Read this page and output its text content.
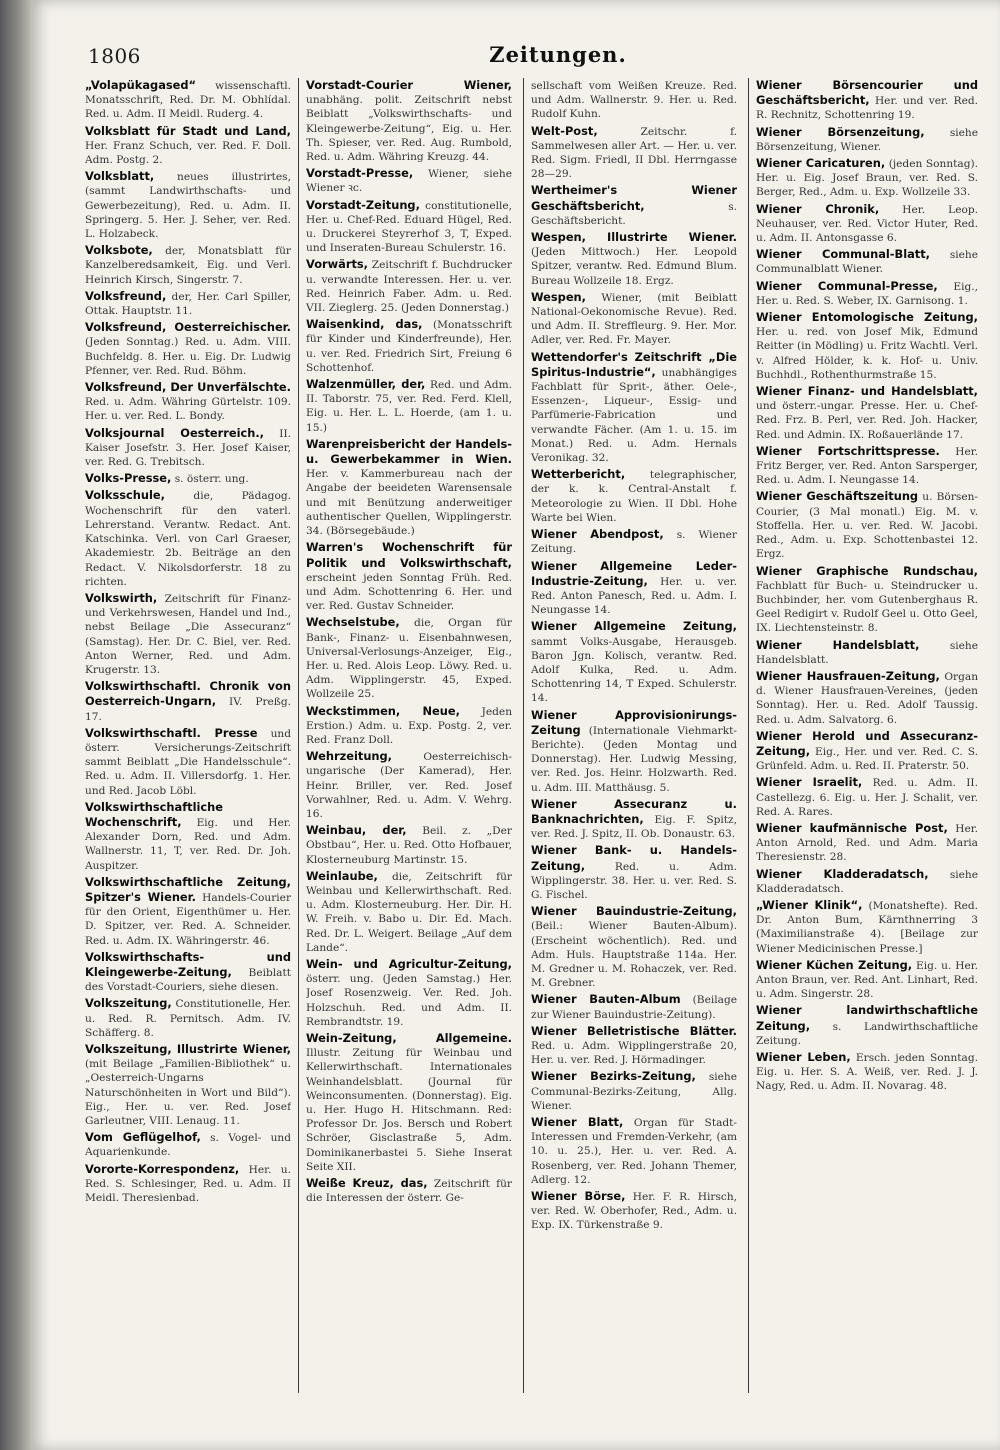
1806	Zeitungen.
„Volapükagased“ wissenschaftl. Monatsschrift, Red. Dr. M. Obhlídal. Red. u. Adm. II Meidl. Ruderg. 4.
Volksblatt für Stadt und Land, Her. Franz Schuch, ver. Red. F. Doll. Adm. Postg. 2.
Volksblatt, neues illustrirtes, (sammt Landwirthschafts- und Gewerbezeitung), Red. u. Adm. II. Springerg. 5. Her. J. Seher, ver. Red. L. Holzabeck.
Volksbote, der, Monatsblatt für Kanzelberedsamkeit, Eig. und Verl. Heinrich Kirsch, Singerstr. 7.
Volksfreund, der, Her. Carl Spiller, Ottak. Hauptstr. 11.
Volksfreund, Oesterreichischer. (Jeden Sonntag.) Red. u. Adm. VIII. Buchfeldg. 8. Her. u. Eig. Dr. Ludwig Pfenner, ver. Red. Rud. Böhm.
Volksfreund, Der Unverfälschte. Red. u. Adm. Währing Gürtelstr. 109. Her. u. ver. Red. L. Bondy.
Volksjournal Oesterreich., II. Kaiser Josefstr. 3. Her. Josef Kaiser, ver. Red. G. Trebitsch.
Volks-Presse, s. österr. ung.
Volksschule,	die, Pädagog. Wochenschrift für den vaterl. Lehrerstand. Verantw. Redact. Ant. Katschinka. Verl. von Carl Graeser, Akademiestr. 2b. Beiträge an den Redact. V. Nikolsdorferstr. 18 zu richten.
Volkswirth, Zeitschrift für Finanz- und Verkehrswesen, Handel und Ind., nebst Beilage „Die Assecuranz“ (Samstag). Her. Dr. C. Biel, ver. Red. Anton Werner, Red. und Adm. Krugerstr. 13.
Volkswirthschaftl. Chronik von Oesterreich-Ungarn, IV. Preßg. 17.
Volkswirthschaftl. Presse und österr. Versicherungs-Zeitschrift sammt Beiblatt „Die Handelsschule“. Red. u. Adm. II. Villersdorfg. 1. Her. und Red. Jacob Löbl.
Volkswirthschaftliche Wochenschrift, Eig. und Her. Alexander Dorn, Red. und Adm. Wallnerstr. 11, T, ver. Red. Dr. Joh. Auspitzer.
Volkswirthschaftliche Zeitung, Spitzer's Wiener. Handels-Courier für den Orient, Eigenthümer u. Her. D. Spitzer, ver. Red. A. Schneider. Red. u. Adm. IX. Währingerstr. 46.
Volkswirthschafts- und Kleingewerbe-Zeitung, Beiblatt des Vorstadt-Couriers, siehe diesen.
Volkszeitung, Constitutionelle, Her. u. Red. R. Pernitsch. Adm. IV. Schäfferg. 8.
Volkszeitung, Illustrirte Wiener, (mit Beilage „Familien-Bibliothek“ u. „Oesterreich-Ungarns Naturschönheiten in Wort und Bild“). Eig., Her. u. ver. Red. Josef Garleutner, VIII. Lenaug. 11.
Vom Geflügelhof, s. Vogel- und Aquarienkunde.
Vororte-Korrespondenz, Her. u. Red. S. Schlesinger, Red. u. Adm. II Meidl. Theresienbad.
Vorstadt-Courier Wiener, unabhäng. polit. Zeitschrift nebst Beiblatt „Volkswirthschafts- und Kleingewerbe-Zeitung“, Eig. u. Her. Th. Spieser, ver. Red. Aug. Rumbold, Red. u. Adm. Währing Kreuzg. 44.
Vorstadt-Presse, Wiener, siehe Wiener ꝛc.
Vorstadt-Zeitung, constitutionelle, Her. u. Chef-Red. Eduard Hügel, Red. u. Druckerei Steyrerhof 3, T, Exped. und Inseraten-Bureau Schulerstr. 16.
Vorwärts, Zeitschrift f. Buchdrucker u. verwandte Interessen. Her. u. ver. Red. Heinrich Faber. Adm. u. Red. VII. Zieglerg. 25. (Jeden Donnerstag.)
Waisenkind, das, (Monatsschrift für Kinder und Kinderfreunde), Her. u. ver. Red. Friedrich Sirt, Freiung 6 Schottenhof.
Walzenmüller, der, Red. und Adm. II. Taborstr. 75, ver. Red. Ferd. Klell, Eig. u. Her. L. L. Hoerde, (am 1. u. 15.)
Warenpreisbericht der Handels- u. Gewerbekammer in Wien. Her. v. Kammerbureau nach der Angabe der beeideten Warensensale und mit Benützung anderweitiger authentischer Quellen, Wipplingerstr. 34. (Börsegebäude.)
Warren's Wochenschrift für Politik und Volkswirthschaft, erscheint jeden Sonntag Früh. Red. und Adm. Schottenring 6. Her. und ver. Red. Gustav Schneider.
Wechselstube, die, Organ für Bank-, Finanz- u. Eisenbahnwesen, Universal-Verlosungs-Anzeiger, Eig., Her. u. Red. Alois Leop. Löwy. Red. u. Adm. Wipplingerstr. 45, Exped. Wollzeile 25.
Weckstimmen, Neue, Jeden Erstion.) Adm. u. Exp. Postg. 2, ver. Red. Franz Doll.
Wehrzeitung,	Oesterreichisch-ungarische (Der Kamerad), Her. Heinr. Briller, ver. Red. Josef Vorwahlner, Red. u. Adm. V. Wehrg. 16.
Weinbau, der, Beil. z. „Der Obstbau“, Her. u. Red. Otto Hofbauer, Klosterneuburg Martinstr. 15.
Weinlaube, die, Zeitschrift für Weinbau und Kellerwirthschaft. Red. u. Adm. Klosterneuburg. Her. Dir. H. W. Freih. v. Babo u. Dir. Ed. Mach. Red. Dr. L. Weigert. Beilage „Auf dem Lande“.
Wein- und Agricultur-Zeitung, österr. ung. (Jeden Samstag.) Her. Josef Rosenzweig. Ver. Red. Joh. Holzschuh. Red. und Adm. II. Rembrandtstr. 19.
Wein-Zeitung, Allgemeine. Illustr. Zeitung für Weinbau und Kellerwirthschaft. Internationales Weinhandelsblatt. (Journal für Weinconsumenten. (Donnerstag). Eig. u. Her. Hugo H. Hitschmann. Red: Professor Dr. Jos. Bersch und Robert Schröer, Gisclastraße 5, Adm. Dominikanerbastei 5. Siehe Inserat Seite XII.
Weiße Kreuz, das, Zeitschrift für die Interessen der österr. Ge-
sellschaft vom Weißen Kreuze. Red. und Adm. Wallnerstr. 9. Her. u. Red. Rudolf Kuhn.
Welt-Post,	Zeitschr. f. Sammelwesen aller Art. — Her. u. ver. Red. Sigm. Friedl, II Dbl. Herrngasse 28—29.
Wertheimer's Wiener Geschäftsbericht,	s. Geschäftsbericht.
Wespen, Illustrirte Wiener. (Jeden Mittwoch.) Her. Leopold Spitzer, verantw. Red. Edmund Blum. Bureau Wollzeile 18. Ergz.
Wespen, Wiener, (mit Beiblatt National-Oekonomische Revue). Red. und Adm. II. Streffleurg. 9. Her. Mor. Adler, ver. Red. Fr. Mayer.
Wettendorfer's Zeitschrift „Die Spiritus-Industrie“, unabhängiges Fachblatt für Sprit-, äther. Oele-, Essenzen-, Liqueur-, Essig- und Parfümerie-Fabrication und verwandte Fächer. (Am 1. u. 15. im Monat.) Red. u. Adm. Hernals Veronikag. 32.
Wetterbericht, telegraphischer, der k. k. Central-Anstalt f. Meteorologie zu Wien. II Dbl. Hohe Warte bei Wien.
Wiener Abendpost, s. Wiener Zeitung.
Wiener Allgemeine Leder-Industrie-Zeitung, Her. u. ver. Red. Anton Panesch, Red. u. Adm. I. Neungasse 14.
Wiener Allgemeine Zeitung, sammt Volks-Ausgabe, Herausgeb. Baron Jgn. Kolisch, verantw. Red. Adolf Kulka, Red. u. Adm. Schottenring 14, T Exped. Schulerstr. 14.
Wiener Approvisionirungs-Zeitung (Internationale Viehmarkt-Berichte). (Jeden Montag und Donnerstag). Her. Ludwig Messing, ver. Red. Jos. Heinr. Holzwarth. Red. u. Adm. III. Matthäusg. 5.
Wiener Assecuranz u. Banknachrichten, Eig. F. Spitz, ver. Red. J. Spitz, II. Ob. Donaustr. 63.
Wiener Bank- u. Handels-Zeitung,	Red. u. Adm. Wipplingerstr. 38. Her. u. ver. Red. S. G. Fischel.
Wiener Bauindustrie-Zeitung, (Beil.: Wiener Bauten-Album). (Erscheint wöchentlich). Red. und Adm. Huls. Hauptstraße 114a. Her. M. Gredner u. M. Rohaczek, ver. Red. M. Grebner.
Wiener Bauten-Album (Beilage zur Wiener Bauindustrie-Zeitung).
Wiener Belletristische Blätter. Red. u. Adm. Wipplingerstraße 20, Her. u. ver. Red. J. Hörmadinger.
Wiener Bezirks-Zeitung, siehe Communal-Bezirks-Zeitung, Allg. Wiener.
Wiener Blatt, Organ für Stadt-Interessen und Fremden-Verkehr, (am 10. u. 25.), Her. u. ver. Red. A. Rosenberg, ver. Red. Johann Themer, Adlerg. 12.
Wiener Börse, Her. F. R. Hirsch, ver. Red. W. Oberhofer, Red., Adm. u. Exp. IX. Türkenstraße 9.
Wiener Börsencourier und Geschäftsbericht, Her. und ver. Red. R. Rechnitz, Schottenring 19.
Wiener Börsenzeitung, siehe Börsenzeitung, Wiener.
Wiener Caricaturen, (jeden Sonntag). Her. u. Eig. Josef Braun, ver. Red. S. Berger, Red., Adm. u. Exp. Wollzeile 33.
Wiener Chronik, Her. Leop. Neuhauser, ver. Red. Victor Huter, Red. u. Adm. II. Antonsgasse 6.
Wiener Communal-Blatt, siehe Communalblatt Wiener.
Wiener Communal-Presse, Eig., Her. u. Red. S. Weber, IX. Garnisong. 1.
Wiener Entomologische Zeitung, Her. u. red. von Josef Mik, Edmund Reitter (in Mödling) u. Fritz Wachtl. Verl. v. Alfred Hölder, k. k. Hof- u. Univ. Buchhdl., Rothenthurmstraße 15.
Wiener Finanz- und Handelsblatt, und österr.-ungar. Presse. Her. u. Chef-Red. Frz. B. Perl, ver. Red. Joh. Hacker, Red. und Admin. IX. Roßauerlände 17.
Wiener Fortschrittspresse. Her. Fritz Berger, ver. Red. Anton Sarsperger, Red. u. Adm. I. Neungasse 14.
Wiener Geschäftszeitung u. Börsen-Courier, (3 Mal monatl.) Eig. M. v. Stoffella. Her. u. ver. Red. W. Jacobi. Red., Adm. u. Exp. Schottenbastei 12. Ergz.
Wiener Graphische Rundschau, Fachblatt für Buch- u. Steindrucker u. Buchbinder, her. vom Gutenberghaus R. Geel Redigirt v. Rudolf Geel u. Otto Geel, IX. Liechtensteinstr. 8.
Wiener Handelsblatt,	siehe Handelsblatt.
Wiener Hausfrauen-Zeitung, Organ d. Wiener Hausfrauen-Vereines, (jeden Sonntag). Her. u. Red. Adolf Taussig. Red. u. Adm. Salvatorg. 6.
Wiener Herold und Assecuranz-Zeitung, Eig., Her. und ver. Red. C. S. Grünfeld. Adm. u. Red. II. Praterstr. 50.
Wiener Israelit, Red. u. Adm. II. Castellezg. 6. Eig. u. Her. J. Schalit, ver. Red. A. Rares.
Wiener kaufmännische Post, Her. Anton Arnold, Red. und Adm. Maria Theresienstr. 28.
Wiener Kladderadatsch, siehe Kladderadatsch.
„Wiener Klinik“, (Monatshefte). Red. Dr. Anton Bum, Kärnthnerring 3 (Maximilianstraße 4). [Beilage zur Wiener Medicinischen Presse.]
Wiener Küchen Zeitung, Eig. u. Her. Anton Braun, ver. Red. Ant. Linhart, Red. u. Adm. Singerstr. 28.
Wiener landwirthschaftliche Zeitung, s. Landwirthschaftliche Zeitung.
Wiener Leben, Ersch. jeden Sonntag. Eig. u. Her. S. A. Weiß, ver. Red. J. J. Nagy, Red. u. Adm. II. Novarag. 48.
